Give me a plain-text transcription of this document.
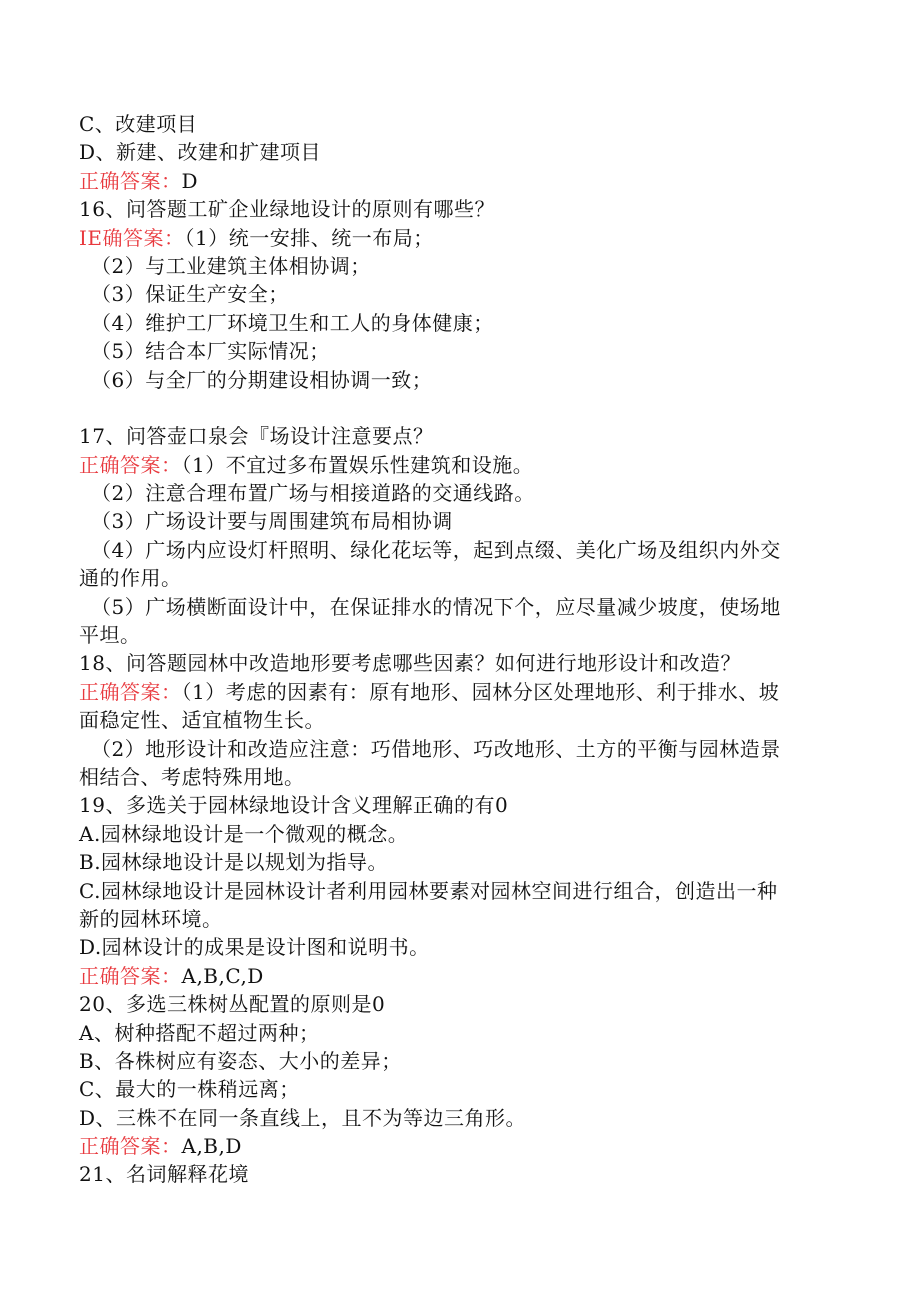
C、改建项目
D、新建、改建和扩建项目
正确答案：D
16、问答题工矿企业绿地设计的原则有哪些？
IE确答案：（1）统一安排、统一布局；
（2）与工业建筑主体相协调；
（3）保证生产安全；
（4）维护工厂环境卫生和工人的身体健康；
（5）结合本厂实际情况；
（6）与全厂的分期建设相协调一致；
17、问答壶口泉会『场设计注意要点？
正确答案：（1）不宜过多布置娱乐性建筑和设施。
（2）注意合理布置广场与相接道路的交通线路。
（3）广场设计要与周围建筑布局相协调
（4）广场内应设灯杆照明、绿化花坛等，起到点缀、美化广场及组织内外交
通的作用。
（5）广场横断面设计中，在保证排水的情况下个，应尽量减少坡度，使场地
平坦。
18、问答题园林中改造地形要考虑哪些因素？如何进行地形设计和改造？
正确答案：（1）考虑的因素有：原有地形、园林分区处理地形、利于排水、坡
面稳定性、适宜植物生长。
（2）地形设计和改造应注意：巧借地形、巧改地形、土方的平衡与园林造景
相结合、考虑特殊用地。
19、多选关于园林绿地设计含义理解正确的有0
A.园林绿地设计是一个微观的概念。
B.园林绿地设计是以规划为指导。
C.园林绿地设计是园林设计者利用园林要素对园林空间进行组合，创造出一种
新的园林环境。
D.园林设计的成果是设计图和说明书。
正确答案：A,B,C,D
20、多选三株树丛配置的原则是0
A、树种搭配不超过两种；
B、各株树应有姿态、大小的差异；
C、最大的一株稍远离；
D、三株不在同一条直线上，且不为等边三角形。
正确答案：A,B,D
21、名词解释花境
